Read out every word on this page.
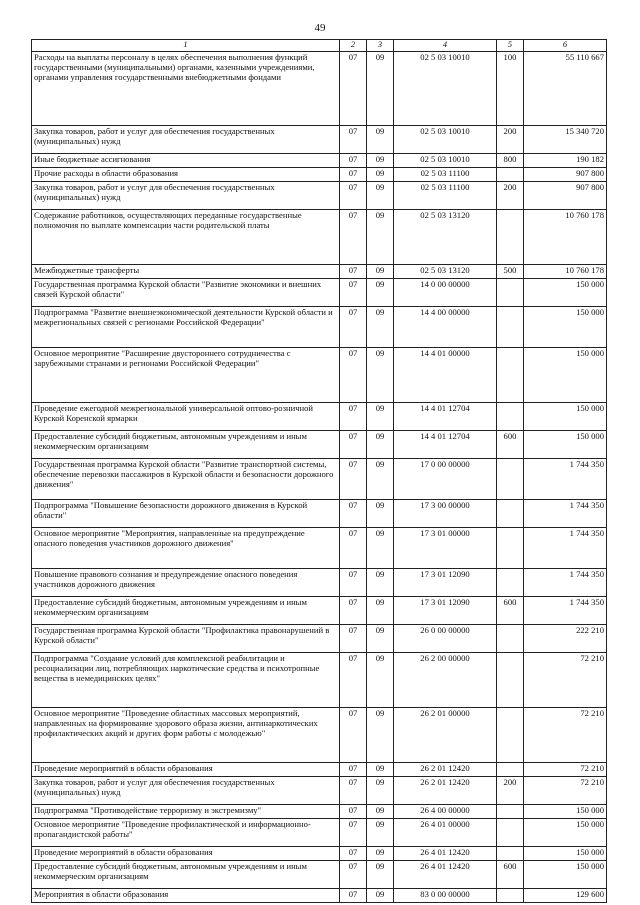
49
1	2	3	4	5	6
Расходы на выплаты персоналу в целях обеспечения выполнения функций государственными (муниципальными) органами, казенными учреждениями, органами управления государственными внебюджетными фондами	07	09	02 5 03 10010	100	55 110 667
Закупка товаров, работ и услуг для обеспечения государственных (муниципальных) нужд	07	09	02 5 03 10010	200	15 340 720
Иные бюджетные ассигнования	07	09	02 5 03 10010	800	190 182
Прочие расходы в области образования	07	09	02 5 03 11100		907 800
Закупка товаров, работ и услуг для обеспечения государственных (муниципальных) нужд	07	09	02 5 03 11100	200	907 800
Содержание работников, осуществляющих переданные государственные полномочия по выплате компенсации части родительской платы	07	09	02 5 03 13120		10 760 178
Межбюджетные трансферты	07	09	02 5 03 13120	500	10 760 178
Государственная программа Курской области "Развитие экономики и внешних связей Курской области"	07	09	14 0 00 00000		150 000
Подпрограмма "Развитие внешнеэкономической деятельности Курской области и межрегиональных связей с регионами Российской Федерации"	07	09	14 4 00 00000		150 000
Основное мероприятие "Расширение двустороннего сотрудничества с зарубежными странами и регионами Российской Федерации"	07	09	14 4 01 00000		150 000
Проведение ежегодной межрегиональной универсальной оптово-розничной Курской Коренской ярмарки	07	09	14 4 01 12704		150 000
Предоставление субсидий бюджетным, автономным учреждениям и иным некоммерческим организациям	07	09	14 4 01 12704	600	150 000
Государственная программа Курской области "Развитие транспортной системы, обеспечение перевозки пассажиров в Курской области и безопасности дорожного движения"	07	09	17 0 00 00000		1 744 350
Подпрограмма "Повышение безопасности дорожного движения в Курской области"	07	09	17 3 00 00000		1 744 350
Основное мероприятие "Мероприятия, направленные на предупреждение опасного поведения участников дорожного движения"	07	09	17 3 01 00000		1 744 350
Повышение правового сознания и предупреждение опасного поведения участников дорожного движения	07	09	17 3 01 12090		1 744 350
Предоставление субсидий бюджетным, автономным учреждениям и иным некоммерческим организациям	07	09	17 3 01 12090	600	1 744 350
Государственная программа Курской области "Профилактика правонарушений в Курской области"	07	09	26 0 00 00000		222 210
Подпрограмма "Создание условий для комплексной реабилитации и ресоциализации лиц, потребляющих наркотические средства и психотропные вещества в немедицинских целях"	07	09	26 2 00 00000		72 210
Основное мероприятие "Проведение областных массовых мероприятий, направленных на формирование здорового образа жизни, антинаркотических профилактических акций и других форм работы с молодежью"	07	09	26 2 01 00000		72 210
Проведение мероприятий в области образования	07	09	26 2 01 12420		72 210
Закупка товаров, работ и услуг для обеспечения государственных (муниципальных) нужд	07	09	26 2 01 12420	200	72 210
Подпрограмма "Противодействие терроризму и экстремизму"	07	09	26 4 00 00000		150 000
Основное мероприятие "Проведение профилактической и информационно-пропагандистской работы"	07	09	26 4 01 00000		150 000
Проведение мероприятий в области образования	07	09	26 4 01 12420		150 000
Предоставление субсидий бюджетным, автономным учреждениям и иным некоммерческим организациям	07	09	26 4 01 12420	600	150 000
Мероприятия в области образования	07	09	83 0 00 00000		129 600
